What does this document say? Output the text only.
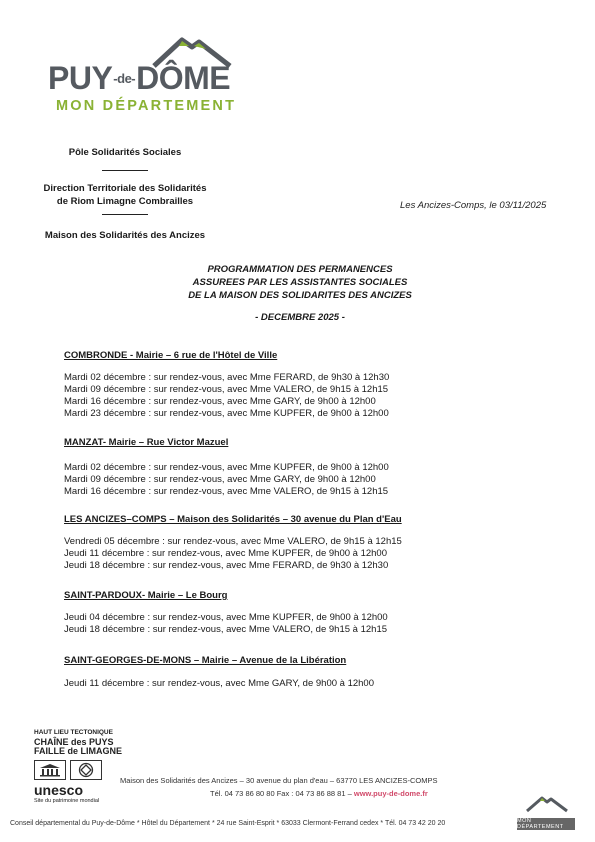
PUY-de-DÔME
MON DÉPARTEMENT
Pôle Solidarités Sociales
Direction Territoriale des Solidarités
de Riom Limagne Combrailles
Maison des Solidarités des Ancizes
Les Ancizes-Comps, le 03/11/2025
PROGRAMMATION DES PERMANENCES
ASSUREES PAR LES ASSISTANTES SOCIALES
DE LA MAISON DES SOLIDARITES DES ANCIZES
- DECEMBRE 2025 -
COMBRONDE - Mairie – 6 rue de l'Hôtel de Ville
Mardi 02 décembre : sur rendez-vous, avec Mme FERARD, de 9h30 à 12h30
Mardi 09 décembre : sur rendez-vous, avec Mme VALERO, de 9h15 à 12h15
Mardi 16 décembre : sur rendez-vous, avec Mme GARY, de 9h00 à 12h00
Mardi 23 décembre : sur rendez-vous, avec Mme KUPFER, de 9h00 à 12h00
MANZAT- Mairie – Rue Victor Mazuel
Mardi 02 décembre : sur rendez-vous, avec Mme KUPFER, de 9h00 à 12h00
Mardi 09 décembre : sur rendez-vous, avec Mme GARY, de 9h00 à 12h00
Mardi 16 décembre : sur rendez-vous, avec Mme VALERO, de 9h15 à 12h15
LES ANCIZES–COMPS – Maison des Solidarités – 30 avenue du Plan d'Eau
Vendredi 05 décembre : sur rendez-vous, avec Mme VALERO, de 9h15 à 12h15
Jeudi 11 décembre : sur rendez-vous, avec Mme KUPFER, de 9h00 à 12h00
Jeudi 18 décembre : sur rendez-vous, avec Mme FERARD, de 9h30 à 12h30
SAINT-PARDOUX- Mairie – Le Bourg
Jeudi 04 décembre : sur rendez-vous, avec Mme KUPFER, de 9h00 à 12h00
Jeudi 18 décembre : sur rendez-vous, avec Mme VALERO, de 9h15 à 12h15
SAINT-GEORGES-DE-MONS – Mairie – Avenue de la Libération
Jeudi 11 décembre : sur rendez-vous, avec Mme GARY, de 9h00 à 12h00
HAUT LIEU TECTONIQUE
CHAÎNE des PUYS
FAILLE de LIMAGNE
unesco
Site du patrimoine mondial
Maison des Solidarités des Ancizes – 30 avenue du plan d'eau – 63770 LES ANCIZES-COMPS
Tél. 04 73 86 80 80 Fax : 04 73 86 88 81 – www.puy-de-dome.fr
Conseil départemental du Puy-de-Dôme * Hôtel du Département * 24 rue Saint-Esprit * 63033 Clermont-Ferrand cedex * Tél. 04 73 42 20 20	MON DÉPARTEMENT
